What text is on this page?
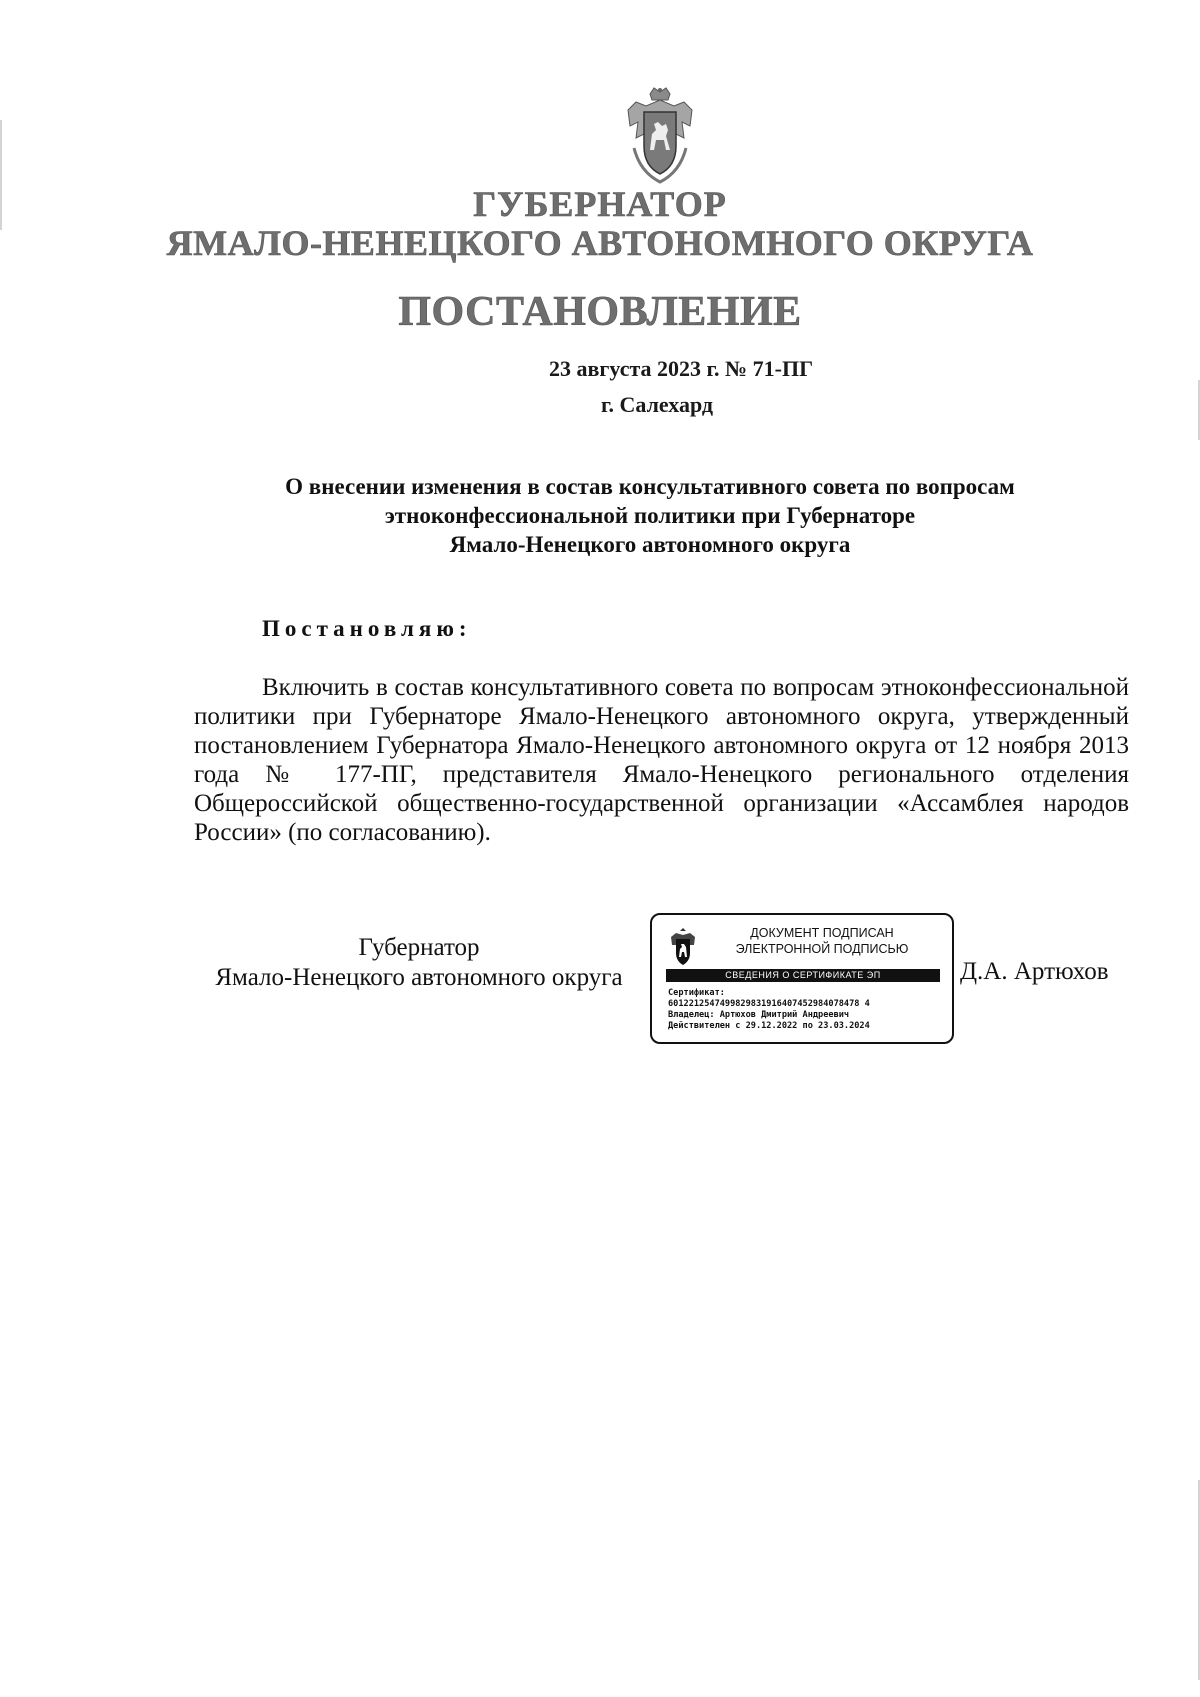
ГУБЕРНАТОР
ЯМАЛО-НЕНЕЦКОГО АВТОНОМНОГО ОКРУГА
ПОСТАНОВЛЕНИЕ
23 августа 2023 г. № 71-ПГ
г. Салехард
О внесении изменения в состав консультативного совета по вопросам
этноконфессиональной политики при Губернаторе
Ямало-Ненецкого автономного округа
Постановляю:
Включить в состав консультативного совета по вопросам этноконфессиональной политики при Губернаторе Ямало-Ненецкого автономного округа, утвержденный постановлением Губернатора Ямало-Ненецкого автономного округа от 12 ноября 2013 года № 177-ПГ, представителя Ямало-Ненецкого регионального отделения Общероссийской общественно-государственной организации «Ассамблея народов России» (по согласованию).
Губернатор
Ямало-Ненецкого автономного округа
ДОКУМЕНТ ПОДПИСАН
ЭЛЕКТРОННОЙ ПОДПИСЬЮ
СВЕДЕНИЯ О СЕРТИФИКАТЕ ЭП
Сертификат:
6012212547499829831916407452984078478 4
Владелец: Артюхов Дмитрий Андреевич
Действителен с 29.12.2022 по 23.03.2024
Д.А. Артюхов
